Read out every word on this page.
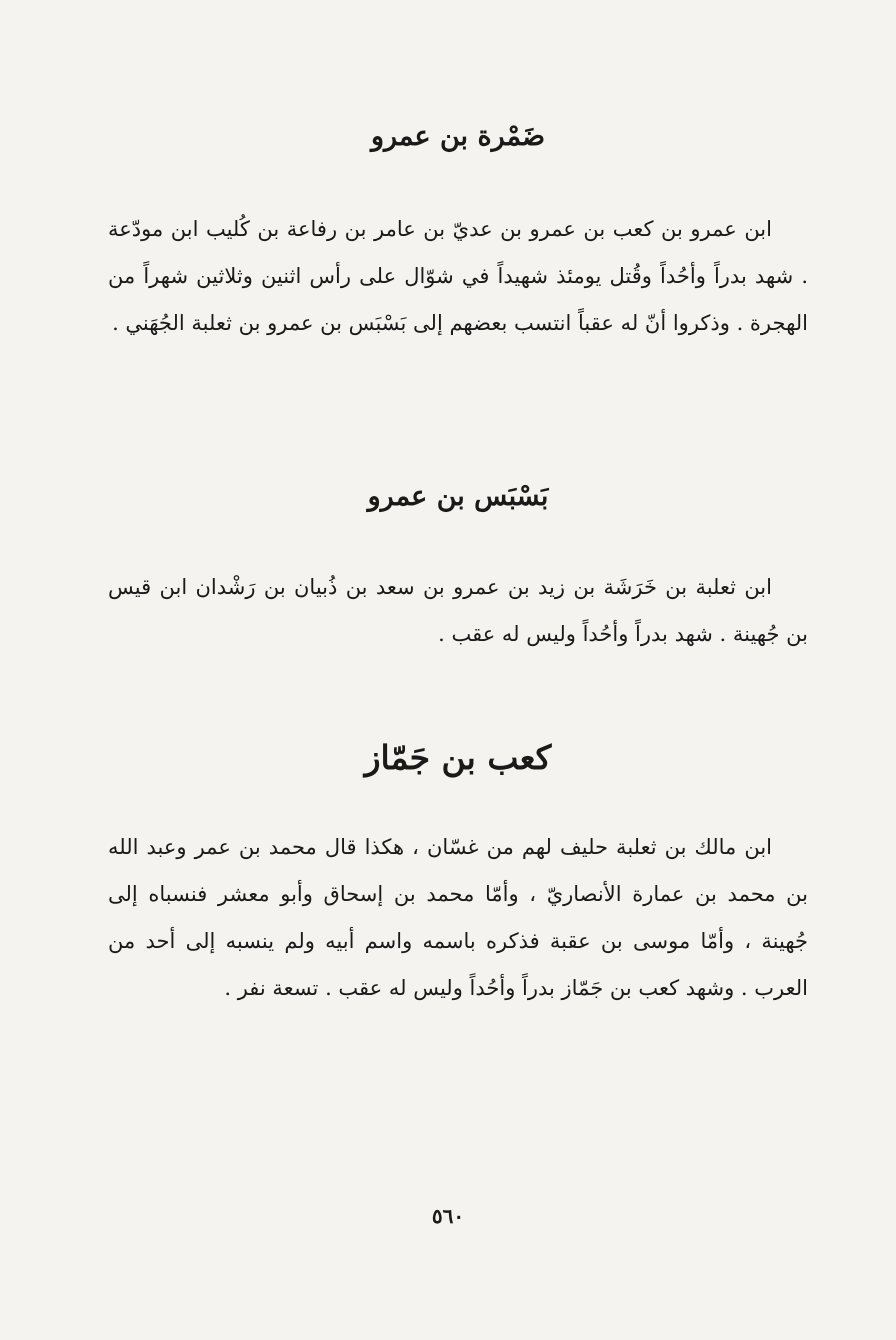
ضَمْرة بن عمرو

ابن عمرو بن كعب بن عمرو بن عديّ بن عامر بن رفاعة بن كُليب ابن مودّعة . شهد بدراً وأحُداً وقُتل يومئذ شهيداً في شوّال على رأس اثنين وثلاثين شهراً من الهجرة . وذكروا أنّ له عقباً انتسب بعضهم إلى بَسْبَس بن عمرو بن ثعلبة الجُهَني .

بَسْبَس بن عمرو

ابن ثعلبة بن خَرَشَة بن زيد بن عمرو بن سعد بن ذُبيان بن رَشْدان ابن قيس بن جُهينة . شهد بدراً وأحُداً وليس له عقب .

كعب بن جَمّاز

ابن مالك بن ثعلبة حليف لهم من غسّان ، هكذا قال محمد بن عمر وعبد الله بن محمد بن عمارة الأنصاريّ ، وأمّا محمد بن إسحاق وأبو معشر فنسباه إلى جُهينة ، وأمّا موسى بن عقبة فذكره باسمه واسم أبيه ولم ينسبه إلى أحد من العرب . وشهد كعب بن جَمّاز بدراً وأحُداً وليس له عقب . تسعة نفر .

٥٦٠
